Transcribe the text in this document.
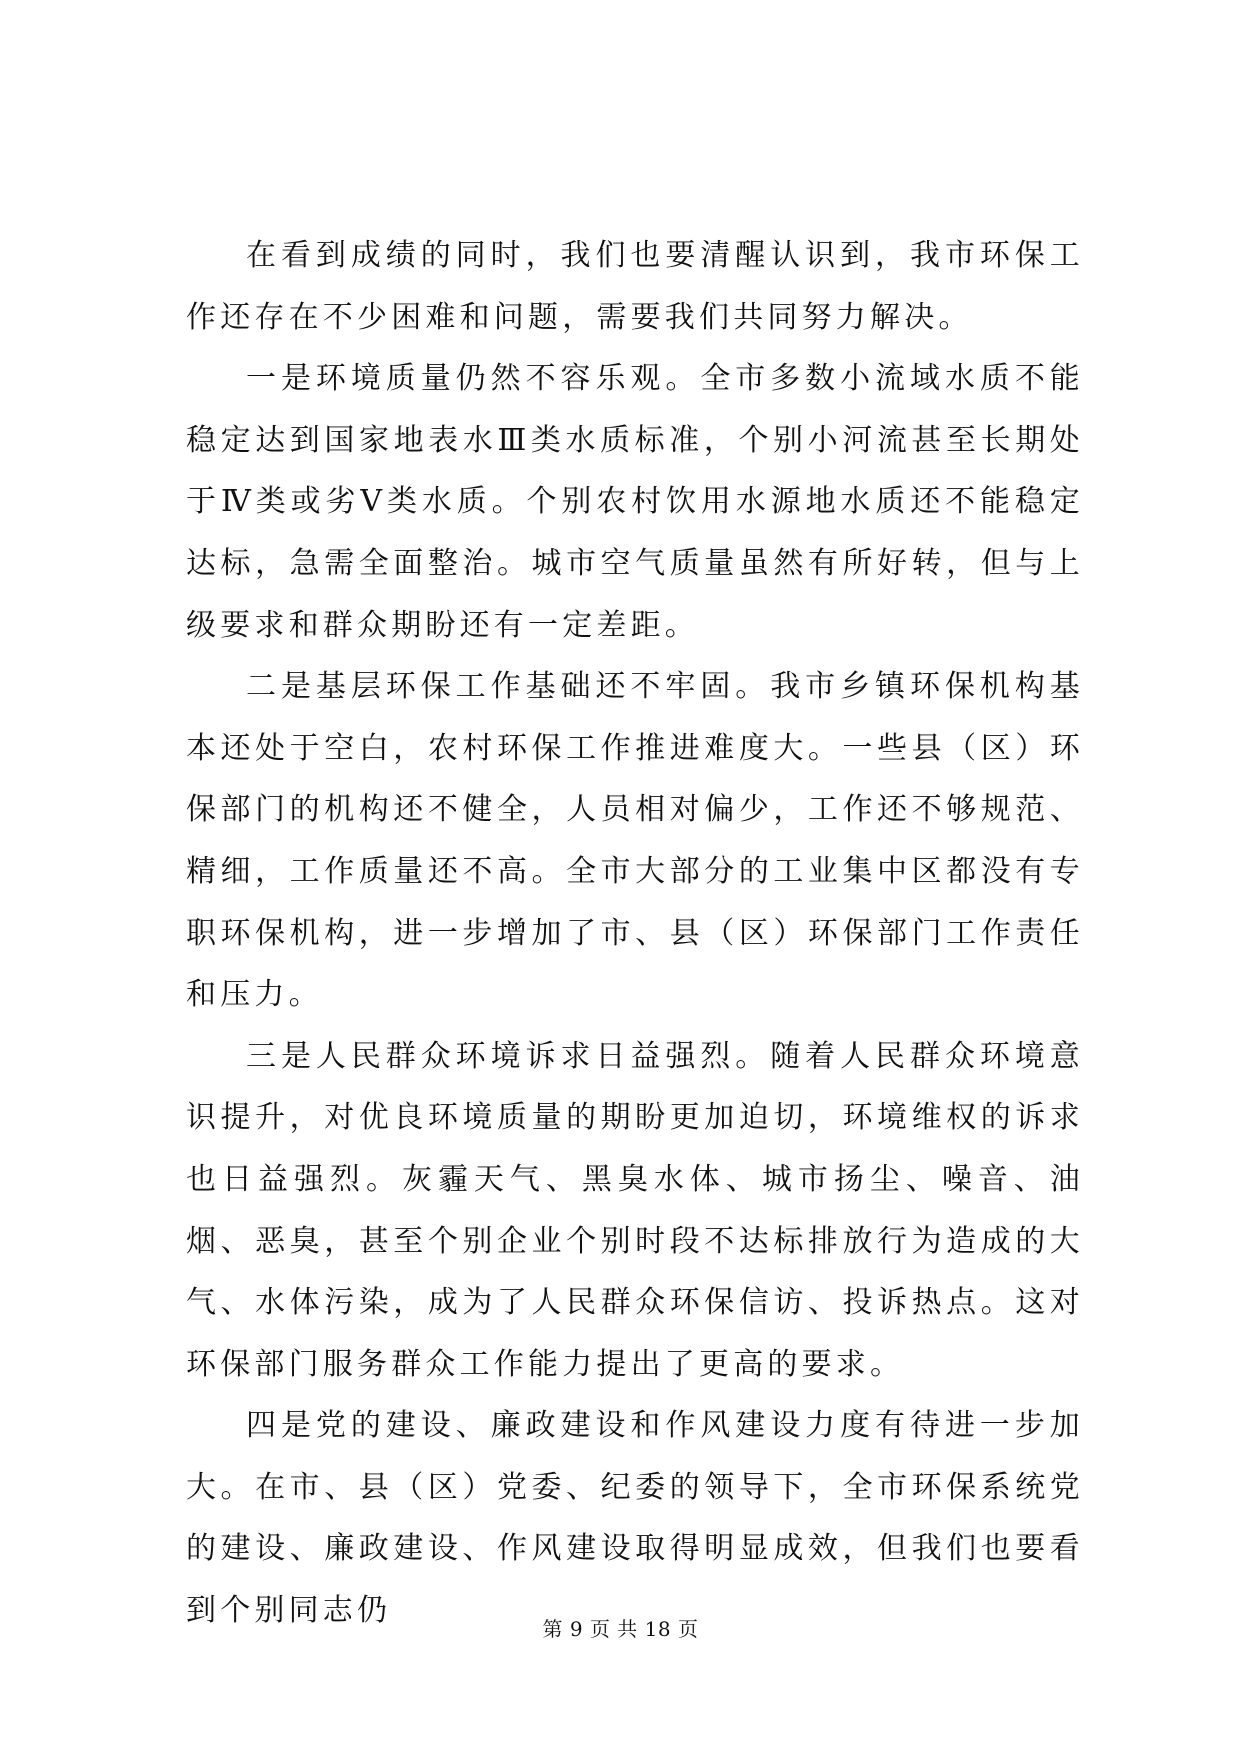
在看到成绩的同时，我们也要清醒认识到，我市环保工作还存在不少困难和问题，需要我们共同努力解决。

一是环境质量仍然不容乐观。全市多数小流域水质不能稳定达到国家地表水Ⅲ类水质标准，个别小河流甚至长期处于Ⅳ类或劣Ⅴ类水质。个别农村饮用水源地水质还不能稳定达标，急需全面整治。城市空气质量虽然有所好转，但与上级要求和群众期盼还有一定差距。

二是基层环保工作基础还不牢固。我市乡镇环保机构基本还处于空白，农村环保工作推进难度大。一些县（区）环保部门的机构还不健全，人员相对偏少，工作还不够规范、精细，工作质量还不高。全市大部分的工业集中区都没有专职环保机构，进一步增加了市、县（区）环保部门工作责任和压力。

三是人民群众环境诉求日益强烈。随着人民群众环境意识提升，对优良环境质量的期盼更加迫切，环境维权的诉求也日益强烈。灰霾天气、黑臭水体、城市扬尘、噪音、油烟、恶臭，甚至个别企业个别时段不达标排放行为造成的大气、水体污染，成为了人民群众环保信访、投诉热点。这对环保部门服务群众工作能力提出了更高的要求。

四是党的建设、廉政建设和作风建设力度有待进一步加大。在市、县（区）党委、纪委的领导下，全市环保系统党的建设、廉政建设、作风建设取得明显成效，但我们也要看到个别同志仍

第 9 页 共 18 页
